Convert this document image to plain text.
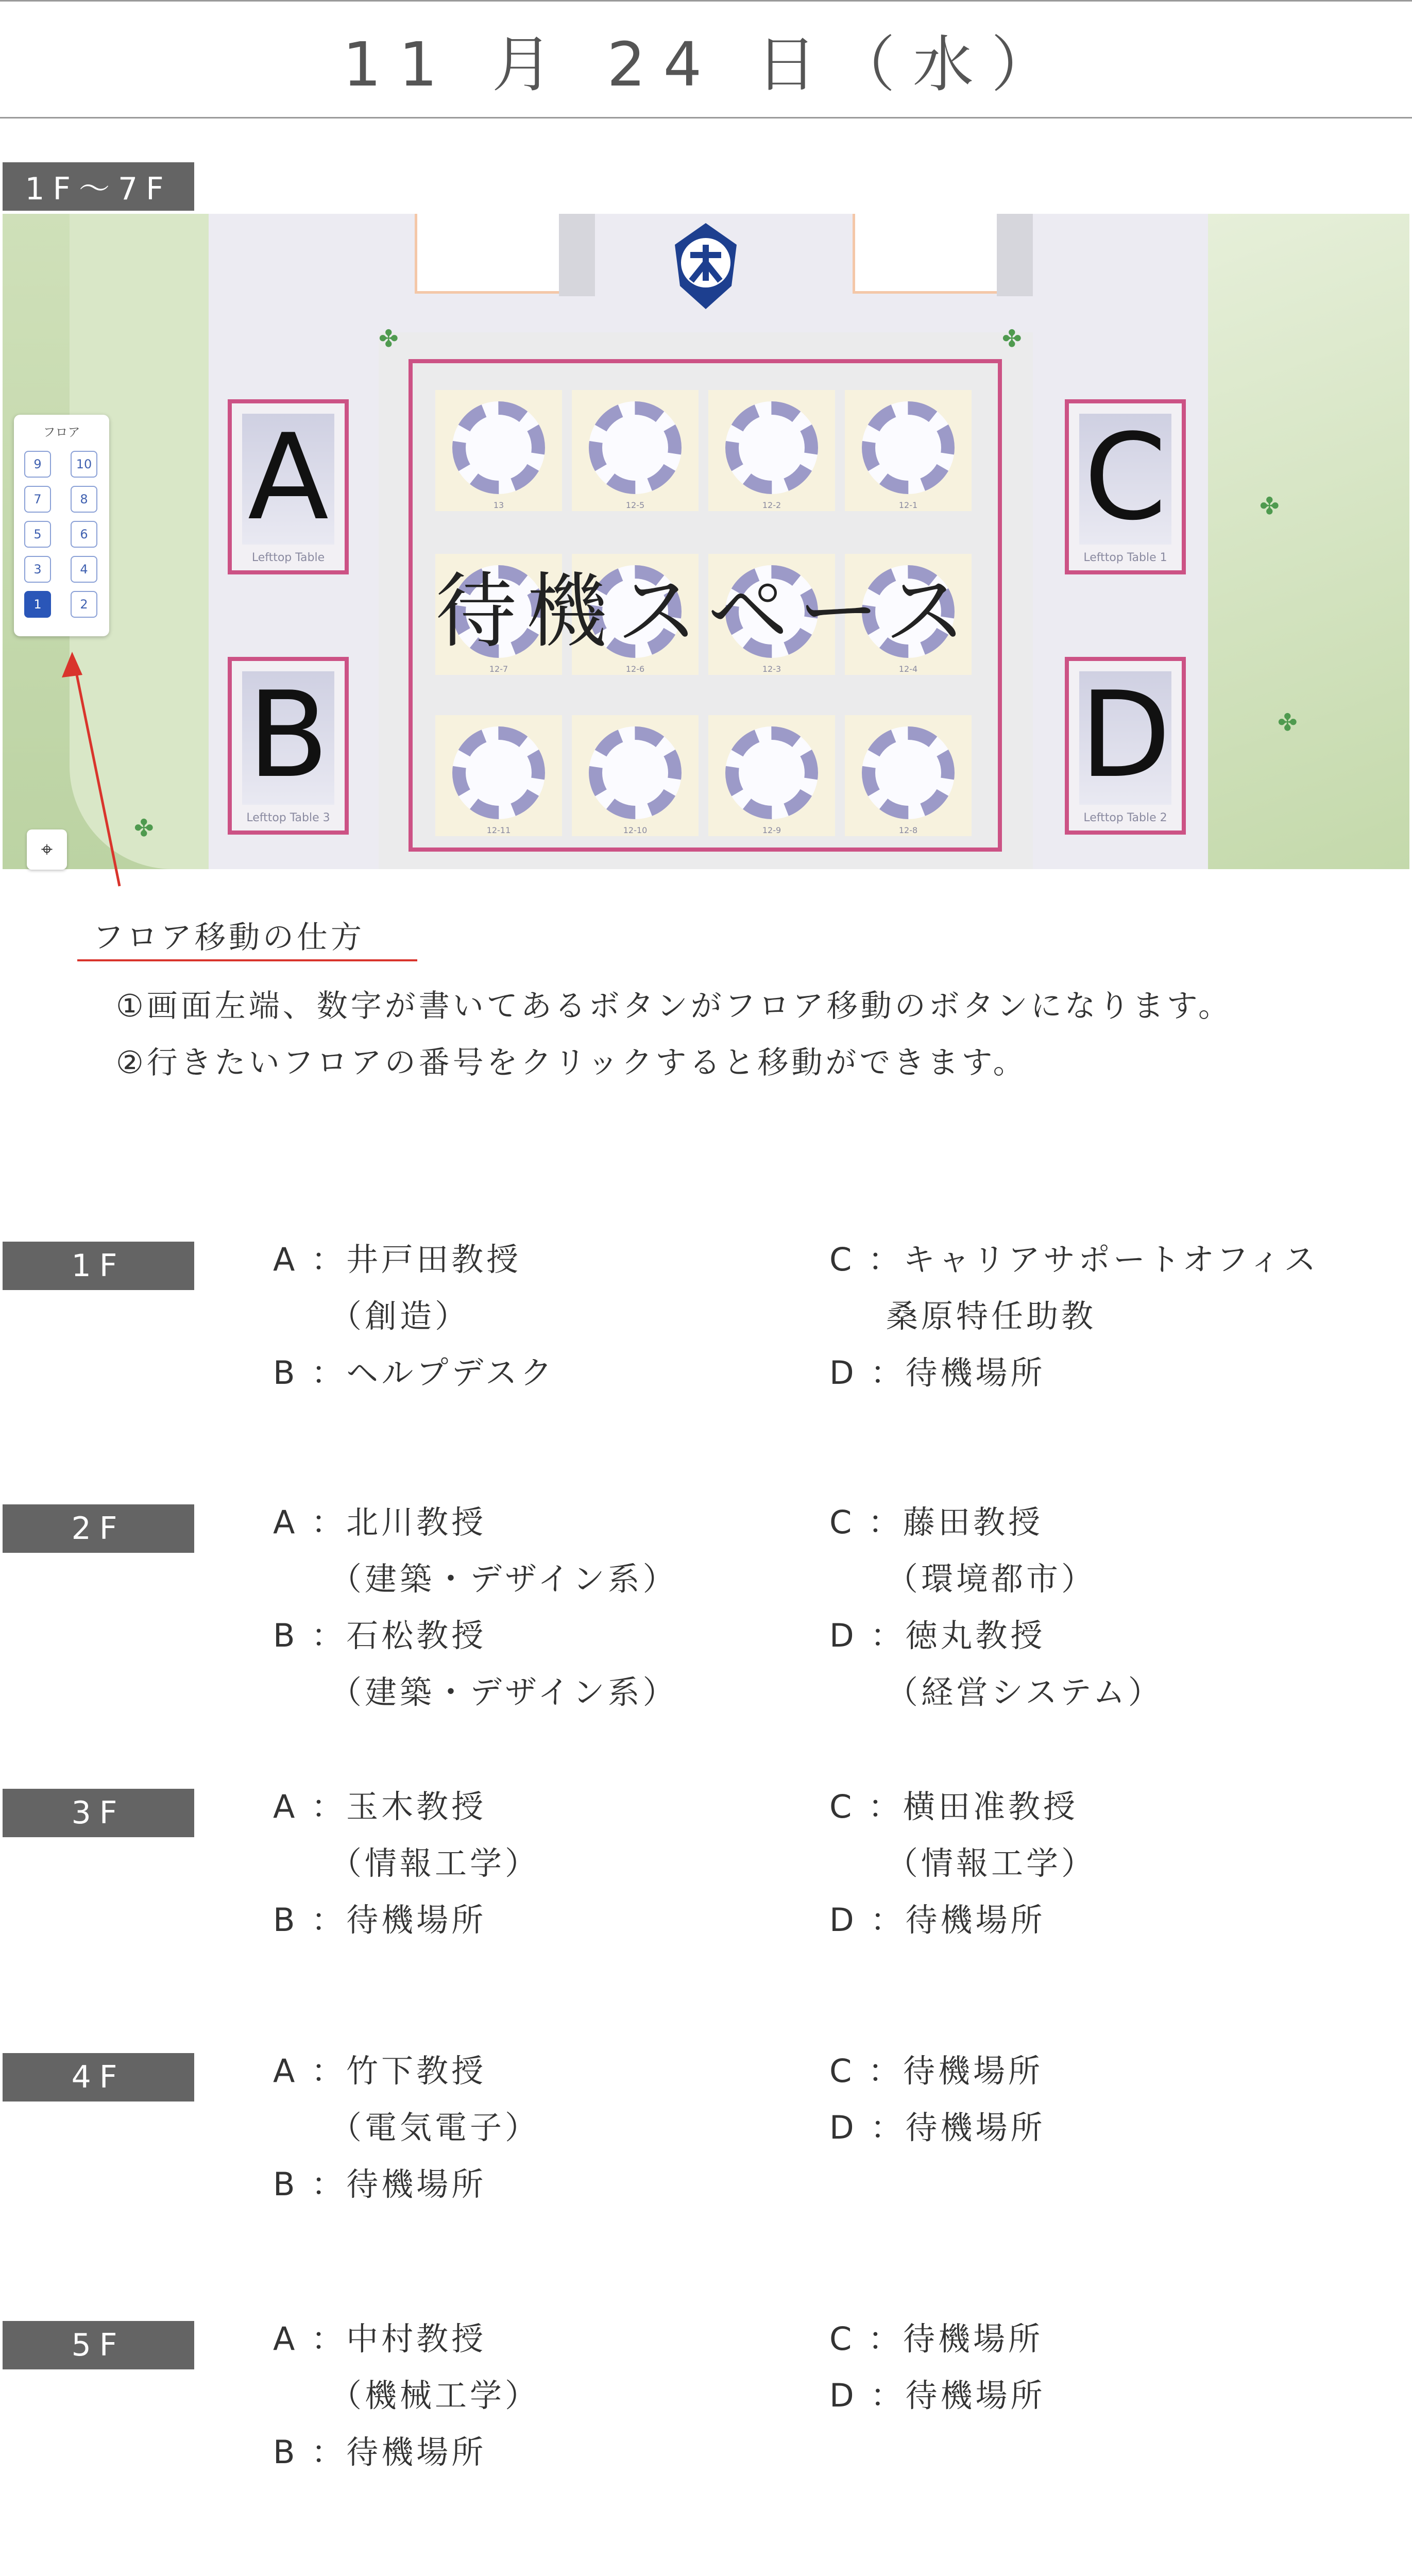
11 月 24 日（水）
1F～7F
✤	✤
✤
✤
✤
A
Lefttop Table
B
Lefttop Table 3
C
Lefttop Table 1
D
Lefttop Table 2
13	12-5	12-2	12-1
12-7	12-6	12-3	12-4
12-11	12-10	12-9	12-8
待機スペース
フロア
9	10
7	8
5	6
3	4
1	2
⌖
フロア移動の仕方
①画面左端、数字が書いてあるボタンがフロア移動のボタンになります。
②行きたいフロアの番号をクリックすると移動ができます。
1F	A ：井戸田教授
（創造）
B ：ヘルプデスク
C ：キャリアサポートオフィス
桑原特任助教
D ：待機場所
2F	A ：北川教授
（建築・デザイン系）
B ：石松教授
（建築・デザイン系）
C ：藤田教授
（環境都市）
D ：徳丸教授
（経営システム）
3F	A ：玉木教授
（情報工学）
B ：待機場所
C ：横田准教授
（情報工学）
D ：待機場所
4F	A ：竹下教授
（電気電子）
B ：待機場所
C ：待機場所
D ：待機場所
5F	A ：中村教授
（機械工学）
B ：待機場所
C ：待機場所
D ：待機場所
